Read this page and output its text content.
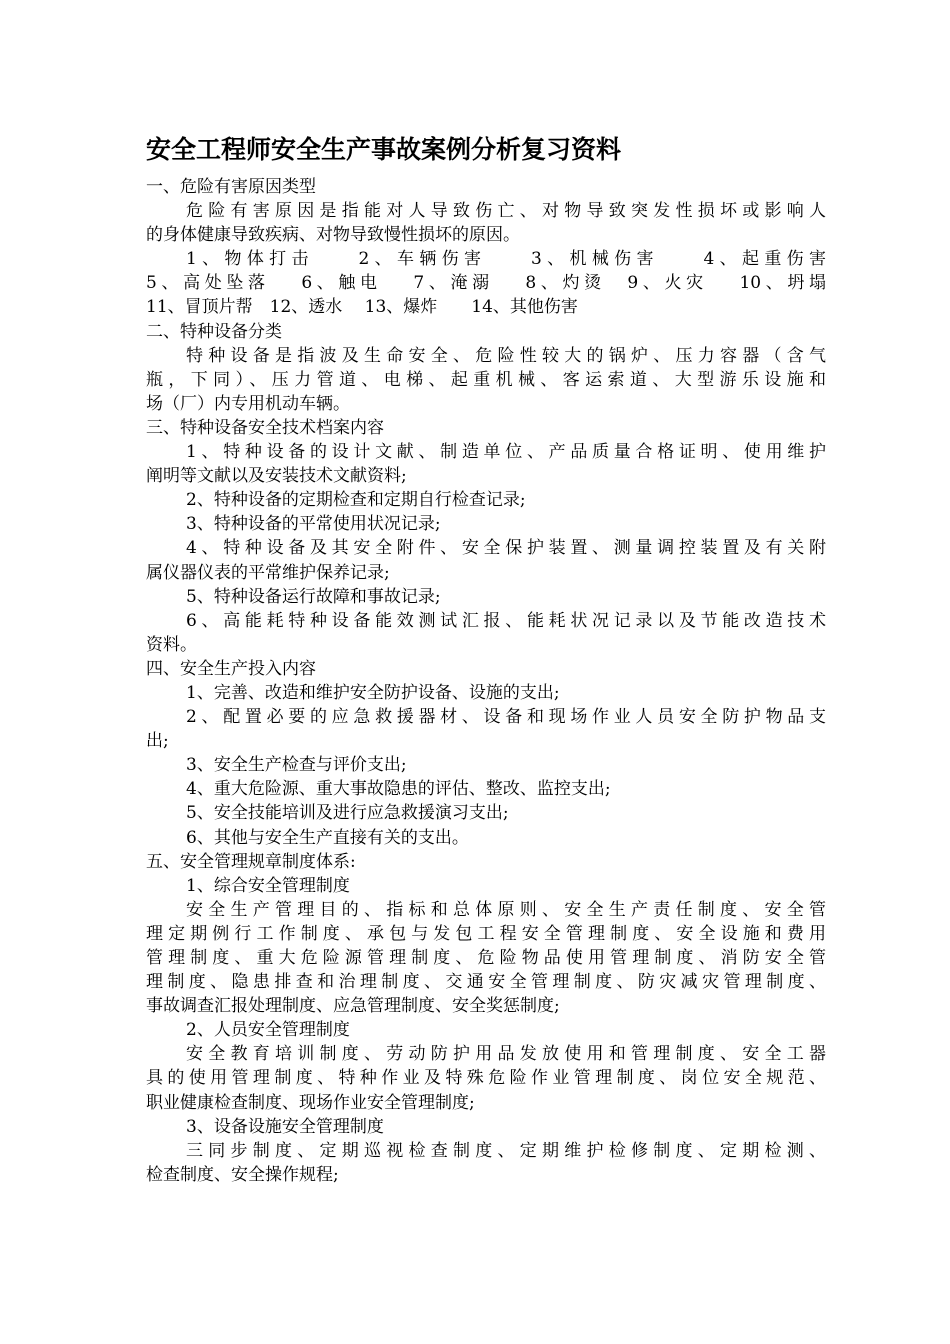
安全工程师安全生产事故案例分析复习资料
一、危险有害原因类型
危险有害原因是指能对人导致伤亡、对物导致突发性损坏或影响人
的身体健康导致疾病、对物导致慢性损坏的原因。
1、物体打击　　2、车辆伤害　　3、机械伤害　　4、起重伤害
5、高处坠落　 6、触电　 7、淹溺　 8、灼烫　9、火灾　 10、坍塌
11、冒顶片帮　12、透水　 13、爆炸　　14、其他伤害
二、特种设备分类
特种设备是指波及生命安全、危险性较大的锅炉、压力容器（含气
瓶，下同）、压力管道、电梯、起重机械、客运索道、大型游乐设施和
场（厂）内专用机动车辆。
三、特种设备安全技术档案内容
1、特种设备的设计文献、制造单位、产品质量合格证明、使用维护
阐明等文献以及安装技术文献资料;
2、特种设备的定期检查和定期自行检查记录;
3、特种设备的平常使用状况记录;
4、特种设备及其安全附件、安全保护装置、测量调控装置及有关附
属仪器仪表的平常维护保养记录;
5、特种设备运行故障和事故记录;
6、高能耗特种设备能效测试汇报、能耗状况记录以及节能改造技术
资料。
四、安全生产投入内容
1、完善、改造和维护安全防护设备、设施的支出;
2、配置必要的应急救援器材、设备和现场作业人员安全防护物品支
出;
3、安全生产检查与评价支出;
4、重大危险源、重大事故隐患的评估、整改、监控支出;
5、安全技能培训及进行应急救援演习支出;
6、其他与安全生产直接有关的支出。
五、安全管理规章制度体系:
1、综合安全管理制度
安全生产管理目的、指标和总体原则、安全生产责任制度、安全管
理定期例行工作制度、承包与发包工程安全管理制度、安全设施和费用
管理制度、重大危险源管理制度、危险物品使用管理制度、消防安全管
理制度、隐患排查和治理制度、交通安全管理制度、防灾减灾管理制度、
事故调查汇报处理制度、应急管理制度、安全奖惩制度;
2、人员安全管理制度
安全教育培训制度、劳动防护用品发放使用和管理制度、安全工器
具的使用管理制度、特种作业及特殊危险作业管理制度、岗位安全规范、
职业健康检查制度、现场作业安全管理制度;
3、设备设施安全管理制度
三同步制度、定期巡视检查制度、定期维护检修制度、定期检测、
检查制度、安全操作规程;
